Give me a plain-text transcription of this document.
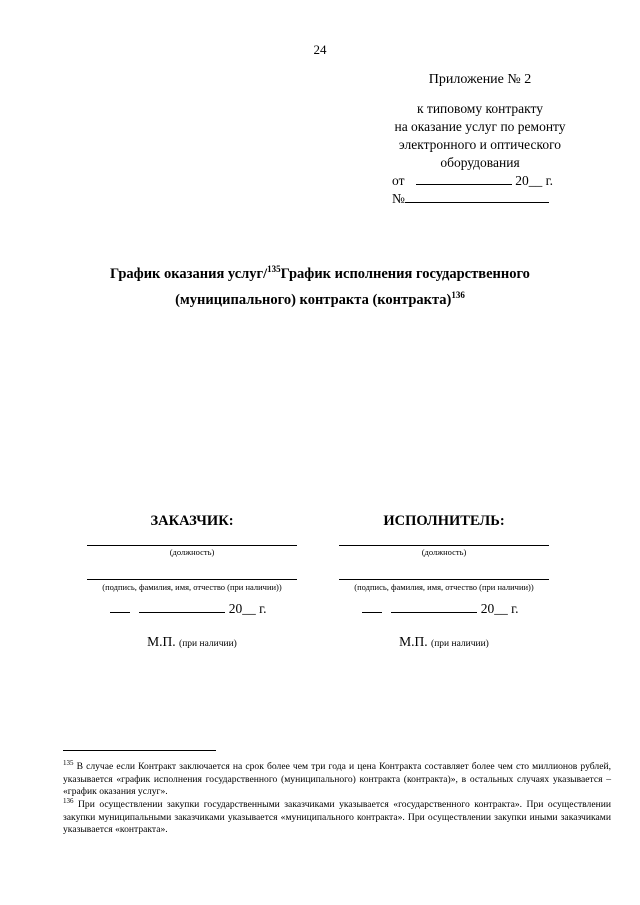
24
Приложение № 2
к типовому контракту
на оказание услуг по ремонту
электронного и оптического
оборудования
от	20__ г.
№
График оказания услуг/$^{135}$График исполнения государственного
(муниципального) контракта (контракта)$^{136}$
ЗАКАЗЧИК:
(должность)
(подпись, фамилия, имя, отчество (при наличии))
20__ г.
М.П. (при наличии)
ИСПОЛНИТЕЛЬ:
(должность)
(подпись, фамилия, имя, отчество (при наличии))
20__ г.
М.П. (при наличии)
$^{135}$ В случае если Контракт заключается на срок более чем три года и цена Контракта составляет более чем сто миллионов рублей, указывается «график исполнения государственного (муниципального) контракта (контракта)», в остальных случаях указывается – «график оказания услуг».
$^{136}$ При осуществлении закупки государственными заказчиками указывается «государственного контракта». При осуществлении закупки муниципальными заказчиками указывается «муниципального контракта». При осуществлении закупки иными заказчиками указывается «контракта».
